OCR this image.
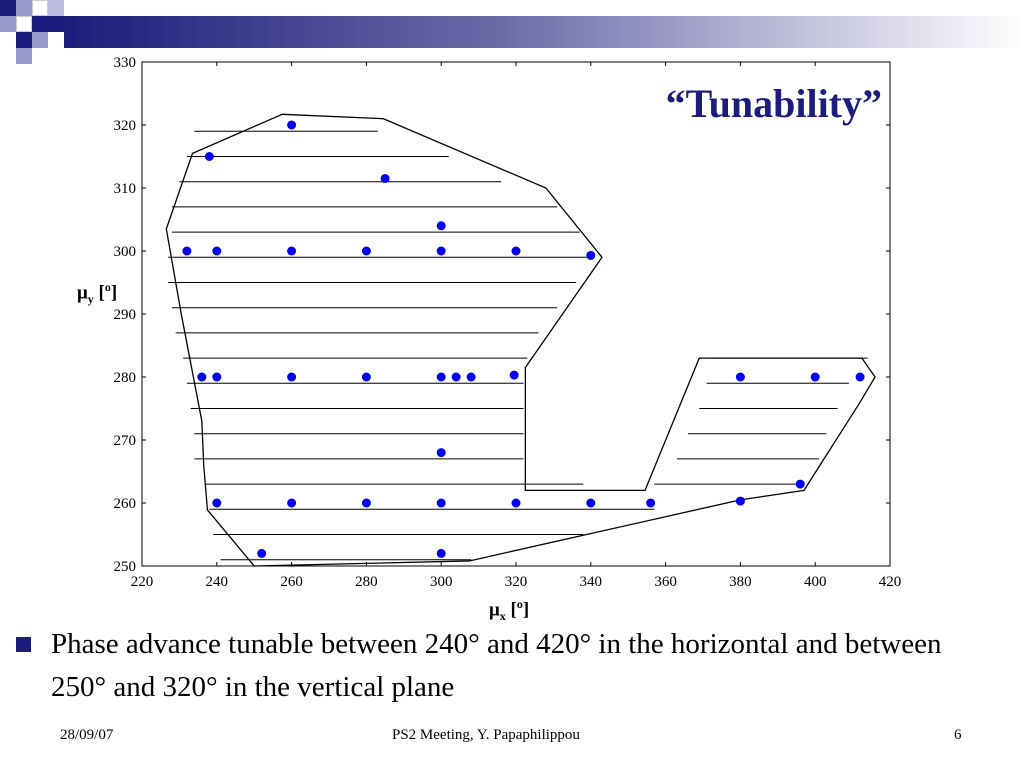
220	240	260	280	300	320	340	360	380	400	420
250
260
270
280
290
300
310
320
330
“Tunability”
$\mu_y$ [$^o$]
$\mu_x$ [$^o$]
Phase advance tunable between 240° and 420° in the horizontal and between 250° and 320° in the vertical plane
28/09/07	PS2 Meeting, Y. Papaphilippou	6
